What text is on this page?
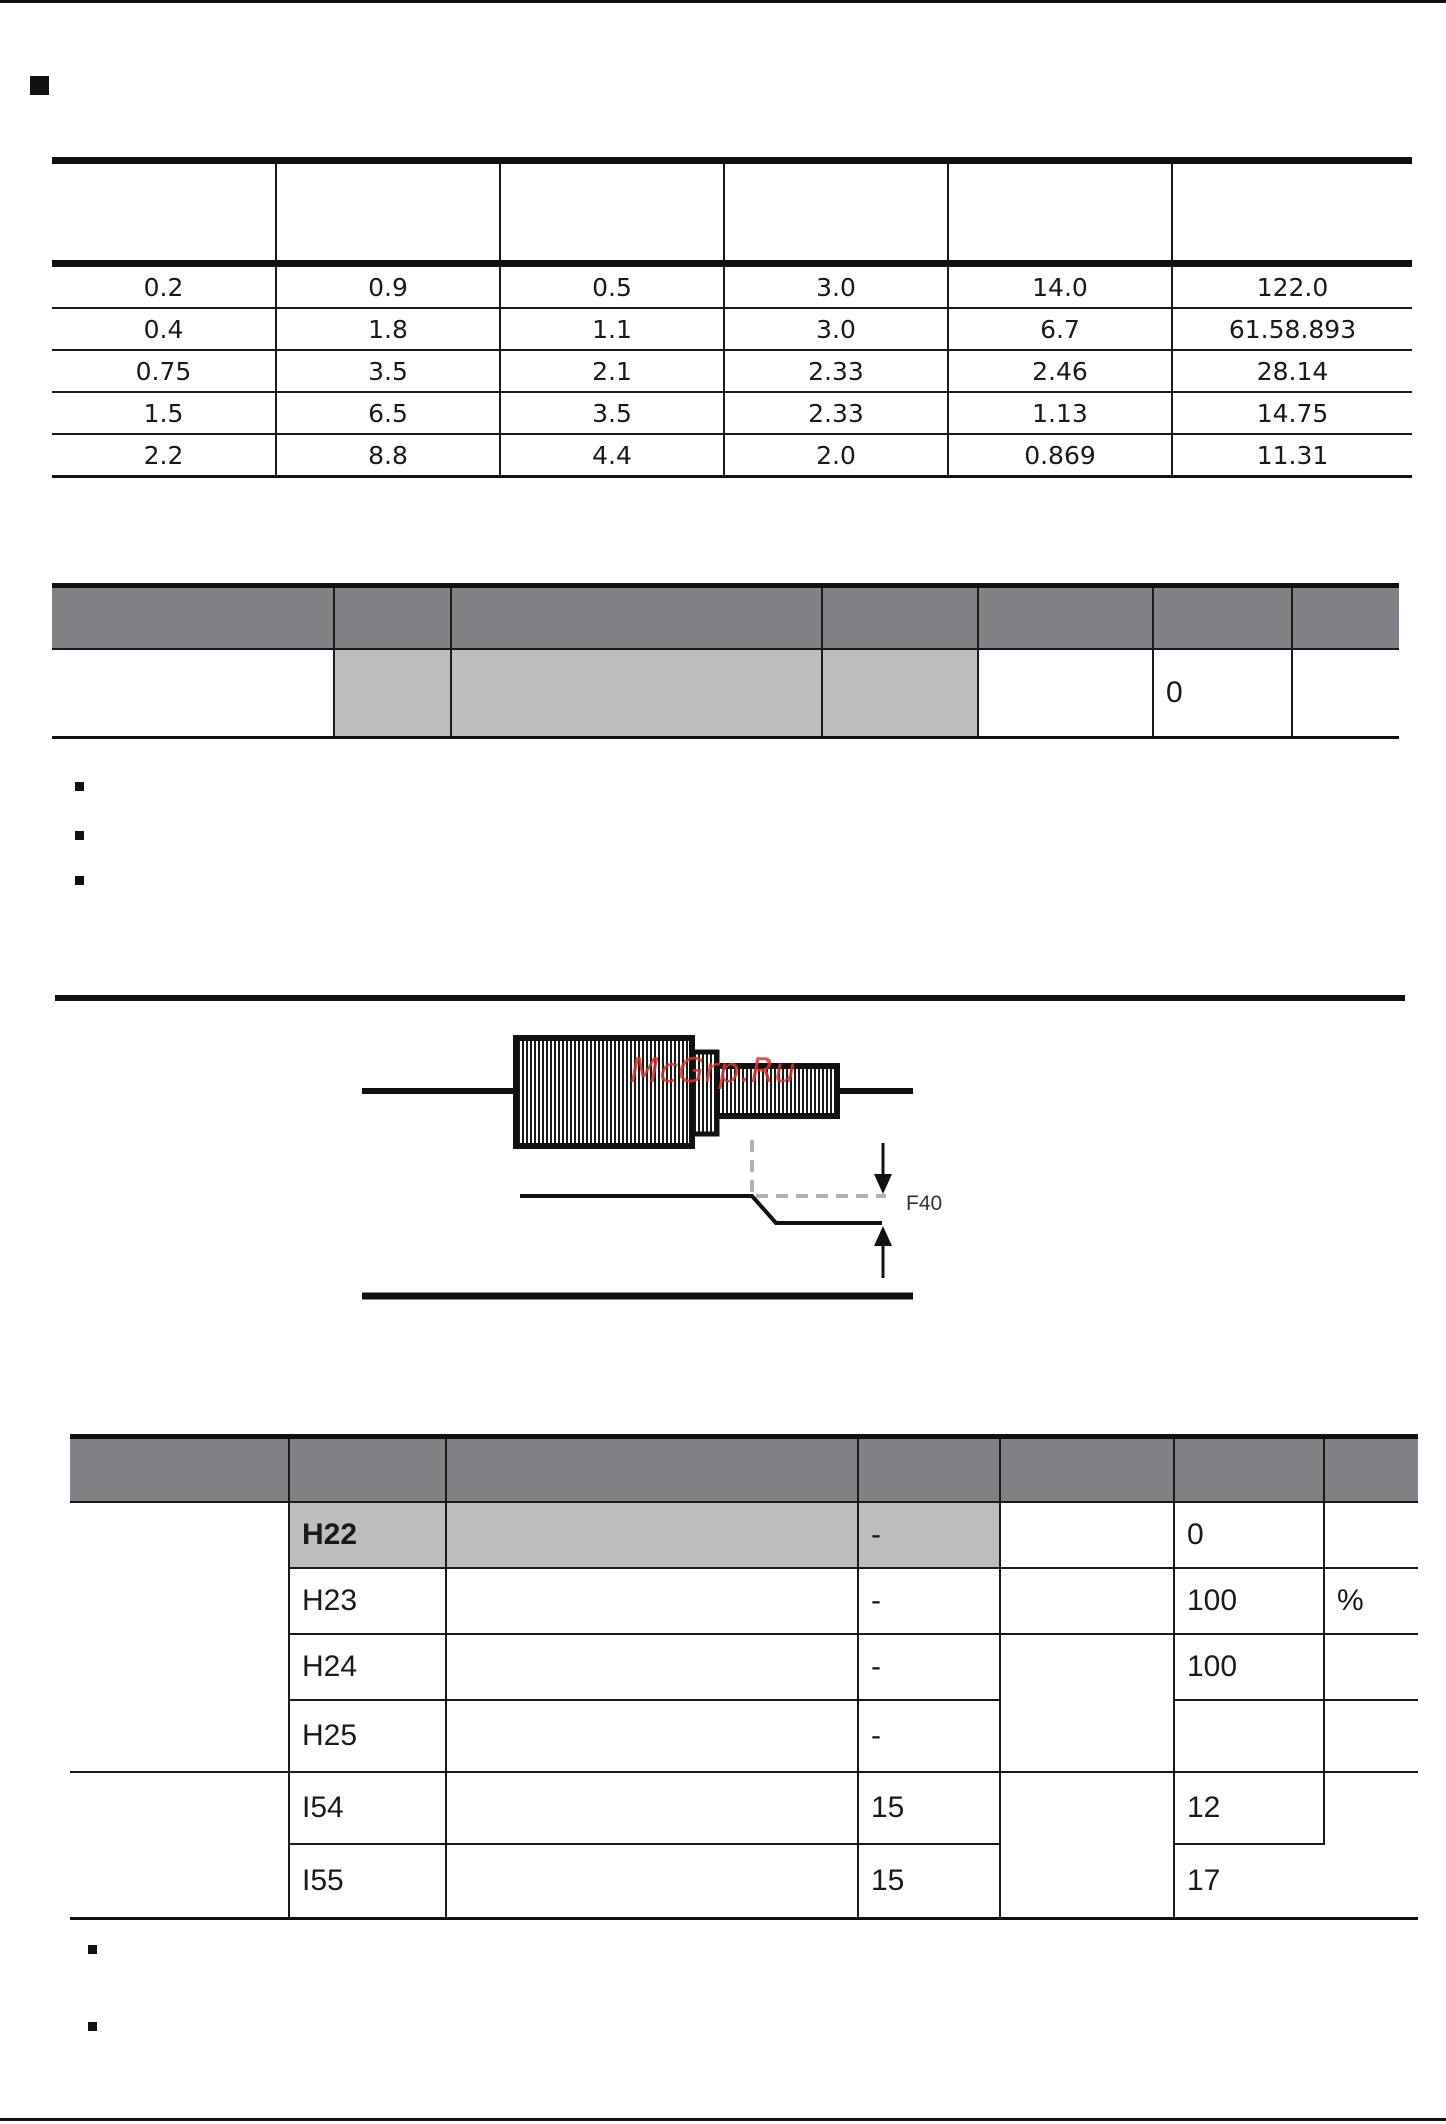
0.2	0.9	0.5	3.0	14.0	122.0
0.4	1.8	1.1	3.0	6.7	61.58.893
0.75	3.5	2.1	2.33	2.46	28.14
1.5	6.5	3.5	2.33	1.13	14.75
2.2	8.8	4.4	2.0	0.869	11.31

					0	
F40
McGrp.Ru

	H22		-		0	
	H23		-		100	%
	H24		-		100	
	H25		-			
	I54		15		12	
	I55		15		17	
